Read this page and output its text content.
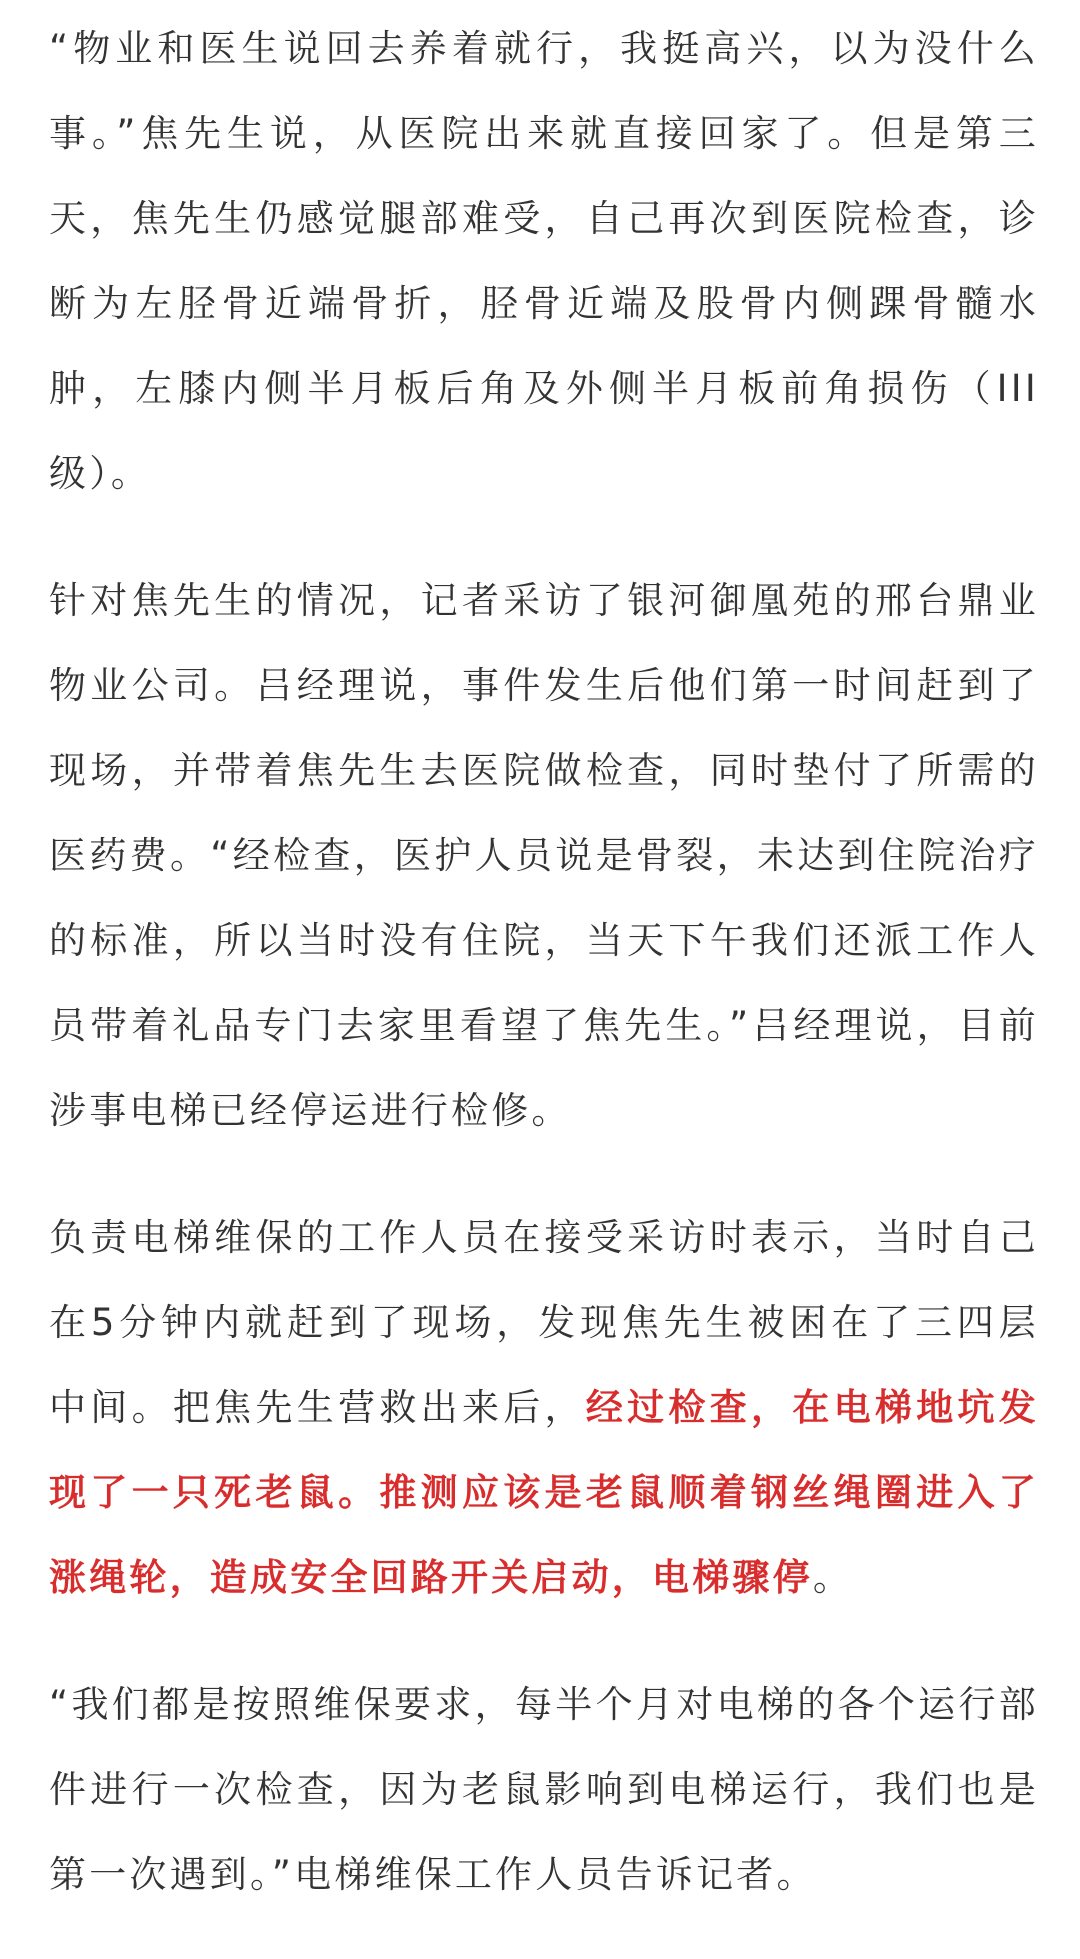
“物业和医生说回去养着就行，我挺高兴，以为没什么事。”焦先生说，从医院出来就直接回家了。但是第三天，焦先生仍感觉腿部难受，自己再次到医院检查，诊断为左胫骨近端骨折，胫骨近端及股骨内侧踝骨髓水肿，左膝内侧半月板后角及外侧半月板前角损伤（III级）。

针对焦先生的情况，记者采访了银河御凰苑的邢台鼎业物业公司。吕经理说，事件发生后他们第一时间赶到了现场，并带着焦先生去医院做检查，同时垫付了所需的医药费。“经检查，医护人员说是骨裂，未达到住院治疗的标准，所以当时没有住院，当天下午我们还派工作人员带着礼品专门去家里看望了焦先生。”吕经理说，目前涉事电梯已经停运进行检修。

负责电梯维保的工作人员在接受采访时表示，当时自己在5分钟内就赶到了现场，发现焦先生被困在了三四层中间。把焦先生营救出来后，经过检查，在电梯地坑发现了一只死老鼠。推测应该是老鼠顺着钢丝绳圈进入了涨绳轮，造成安全回路开关启动，电梯骤停。

“我们都是按照维保要求，每半个月对电梯的各个运行部件进行一次检查，因为老鼠影响到电梯运行，我们也是第一次遇到。”电梯维保工作人员告诉记者。
